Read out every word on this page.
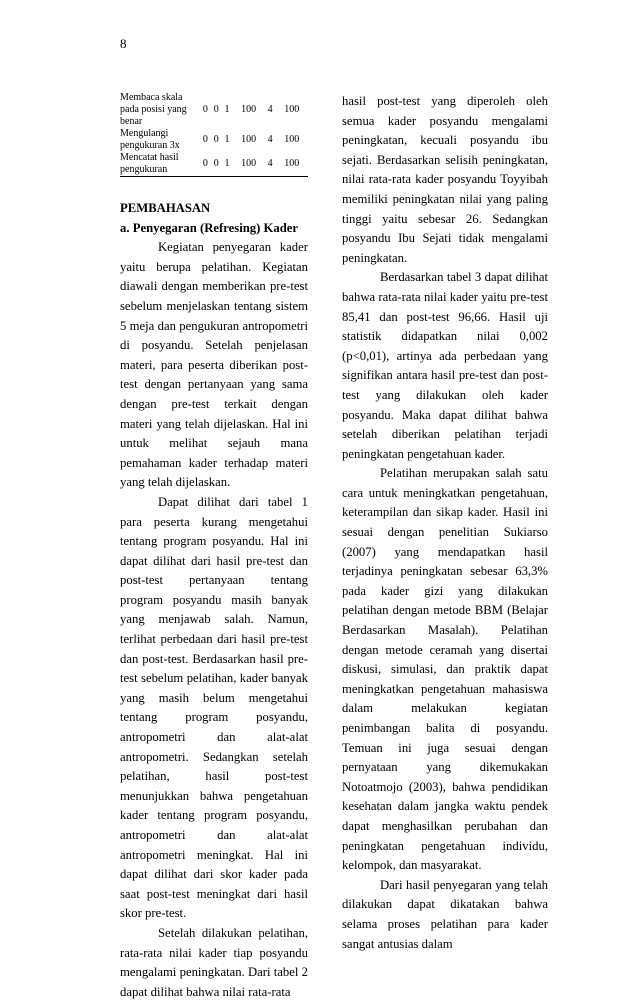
8
Membaca skala pada posisi yang benar	0	0	1	100	4	100
Mengulangi pengukuran 3x	0	0	1	100	4	100
Mencatat hasil pengukuran	0	0	1	100	4	100

PEMBAHASAN

a. Penyegaran (Refresing) Kader

Kegiatan penyegaran kader yaitu berupa pelatihan. Kegiatan diawali dengan memberikan pre-test sebelum menjelaskan tentang sistem 5 meja dan pengukuran antropometri di posyandu. Setelah penjelasan materi, para peserta diberikan post-test dengan pertanyaan yang sama dengan pre-test terkait dengan materi yang telah dijelaskan. Hal ini untuk melihat sejauh mana pemahaman kader terhadap materi yang telah dijelaskan.

Dapat dilihat dari tabel 1 para peserta kurang mengetahui tentang program posyandu. Hal ini dapat dilihat dari hasil pre-test dan post-test pertanyaan tentang program posyandu masih banyak yang menjawab salah. Namun, terlihat perbedaan dari hasil pre-test dan post-test. Berdasarkan hasil pre-test sebelum pelatihan, kader banyak yang masih belum mengetahui tentang program posyandu, antropometri dan alat-alat antropometri. Sedangkan setelah pelatihan, hasil post-test menunjukkan bahwa pengetahuan kader tentang program posyandu, antropometri dan alat-alat antropometri meningkat. Hal ini dapat dilihat dari skor kader pada saat post-test meningkat dari hasil skor pre-test.

Setelah dilakukan pelatihan, rata-rata nilai kader tiap posyandu mengalami peningkatan. Dari tabel 2 dapat dilihat bahwa nilai rata-rata

hasil post-test yang diperoleh oleh semua kader posyandu mengalami peningkatan, kecuali posyandu ibu sejati. Berdasarkan selisih peningkatan, nilai rata-rata kader posyandu Toyyibah memiliki peningkatan nilai yang paling tinggi yaitu sebesar 26. Sedangkan posyandu Ibu Sejati tidak mengalami peningkatan.

Berdasarkan tabel 3 dapat dilihat bahwa rata-rata nilai kader yaitu pre-test 85,41 dan post-test 96,66. Hasil uji statistik didapatkan nilai 0,002 (p<0,01), artinya ada perbedaan yang signifikan antara hasil pre-test dan post-test yang dilakukan oleh kader posyandu. Maka dapat dilihat bahwa setelah diberikan pelatihan terjadi peningkatan pengetahuan kader.

Pelatihan merupakan salah satu cara untuk meningkatkan pengetahuan, keterampilan dan sikap kader. Hasil ini sesuai dengan penelitian Sukiarso (2007) yang mendapatkan hasil terjadinya peningkatan sebesar 63,3% pada kader gizi yang dilakukan pelatihan dengan metode BBM (Belajar Berdasarkan Masalah). Pelatihan dengan metode ceramah yang disertai diskusi, simulasi, dan praktik dapat meningkatkan pengetahuan mahasiswa dalam melakukan kegiatan penimbangan balita di posyandu. Temuan ini juga sesuai dengan pernyataan yang dikemukakan Notoatmojo (2003), bahwa pendidikan kesehatan dalam jangka waktu pendek dapat menghasilkan perubahan dan peningkatan pengetahuan individu, kelompok, dan masyarakat.

Dari hasil penyegaran yang telah dilakukan dapat dikatakan bahwa selama proses pelatihan para kader sangat antusias dalam
